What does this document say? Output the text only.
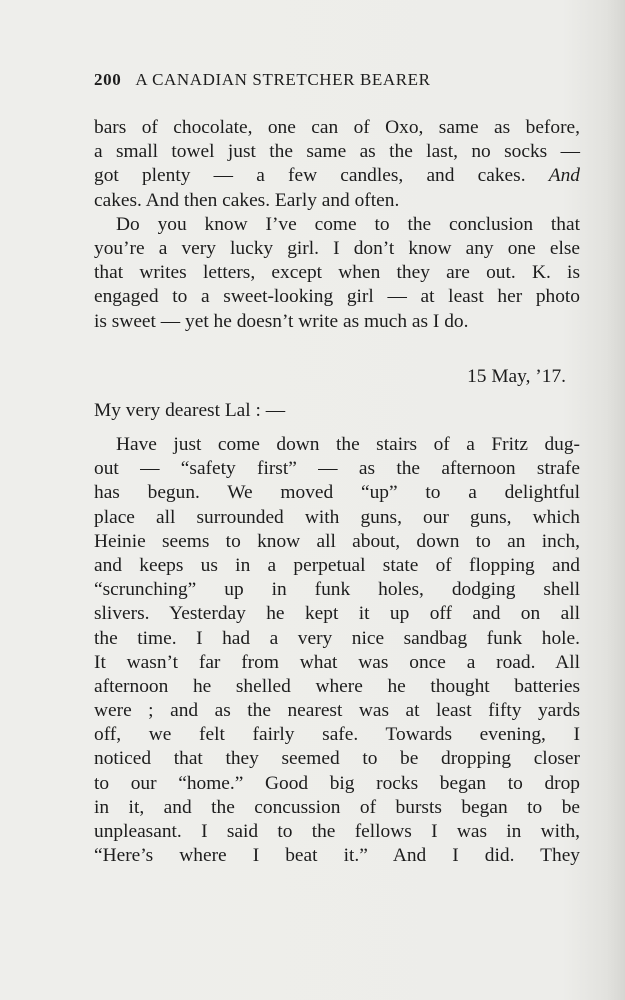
200 A CANADIAN STRETCHER BEARER
bars of chocolate, one can of Oxo, same as before,
a small towel just the same as the last, no socks —
got plenty — a few candles, and cakes. And
cakes. And then cakes. Early and often.
Do you know I’ve come to the conclusion that
you’re a very lucky girl. I don’t know any one else
that writes letters, except when they are out. K. is
engaged to a sweet-looking girl — at least her photo
is sweet — yet he doesn’t write as much as I do.
15 May, ’17.
My very dearest Lal : —
Have just come down the stairs of a Fritz dug-
out — “safety first” — as the afternoon strafe
has begun. We moved “up” to a delightful
place all surrounded with guns, our guns, which
Heinie seems to know all about, down to an inch,
and keeps us in a perpetual state of flopping and
“scrunching” up in funk holes, dodging shell
slivers. Yesterday he kept it up off and on all
the time. I had a very nice sandbag funk hole.
It wasn’t far from what was once a road. All
afternoon he shelled where he thought batteries
were ; and as the nearest was at least fifty yards
off, we felt fairly safe. Towards evening, I
noticed that they seemed to be dropping closer
to our “home.” Good big rocks began to drop
in it, and the concussion of bursts began to be
unpleasant. I said to the fellows I was in with,
“Here’s where I beat it.” And I did. They
